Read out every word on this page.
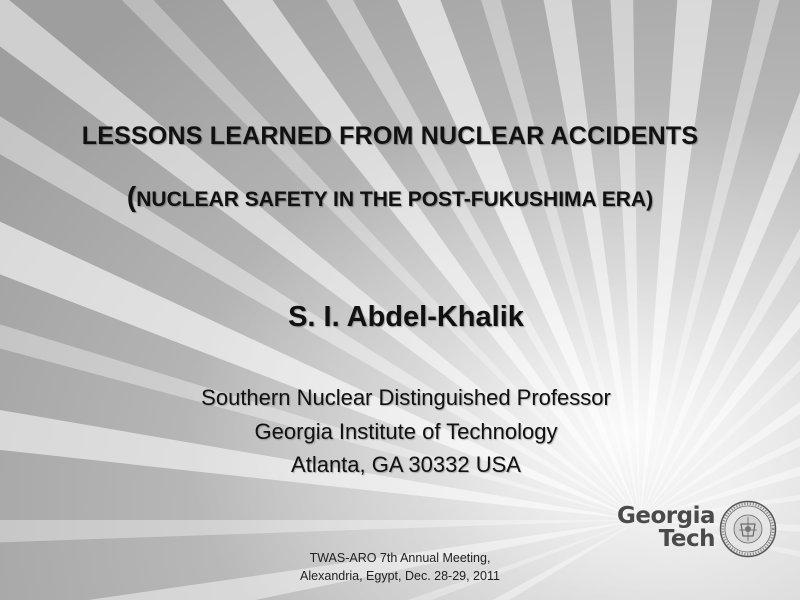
LESSONS LEARNED FROM NUCLEAR ACCIDENTS
(NUCLEAR SAFETY IN THE POST-FUKUSHIMA ERA)
S. I. Abdel-Khalik
Southern Nuclear Distinguished Professor
Georgia Institute of Technology
Atlanta, GA 30332 USA
TWAS-ARO 7th Annual Meeting,
Alexandria, Egypt, Dec. 28-29, 2011
Georgia
Tech
